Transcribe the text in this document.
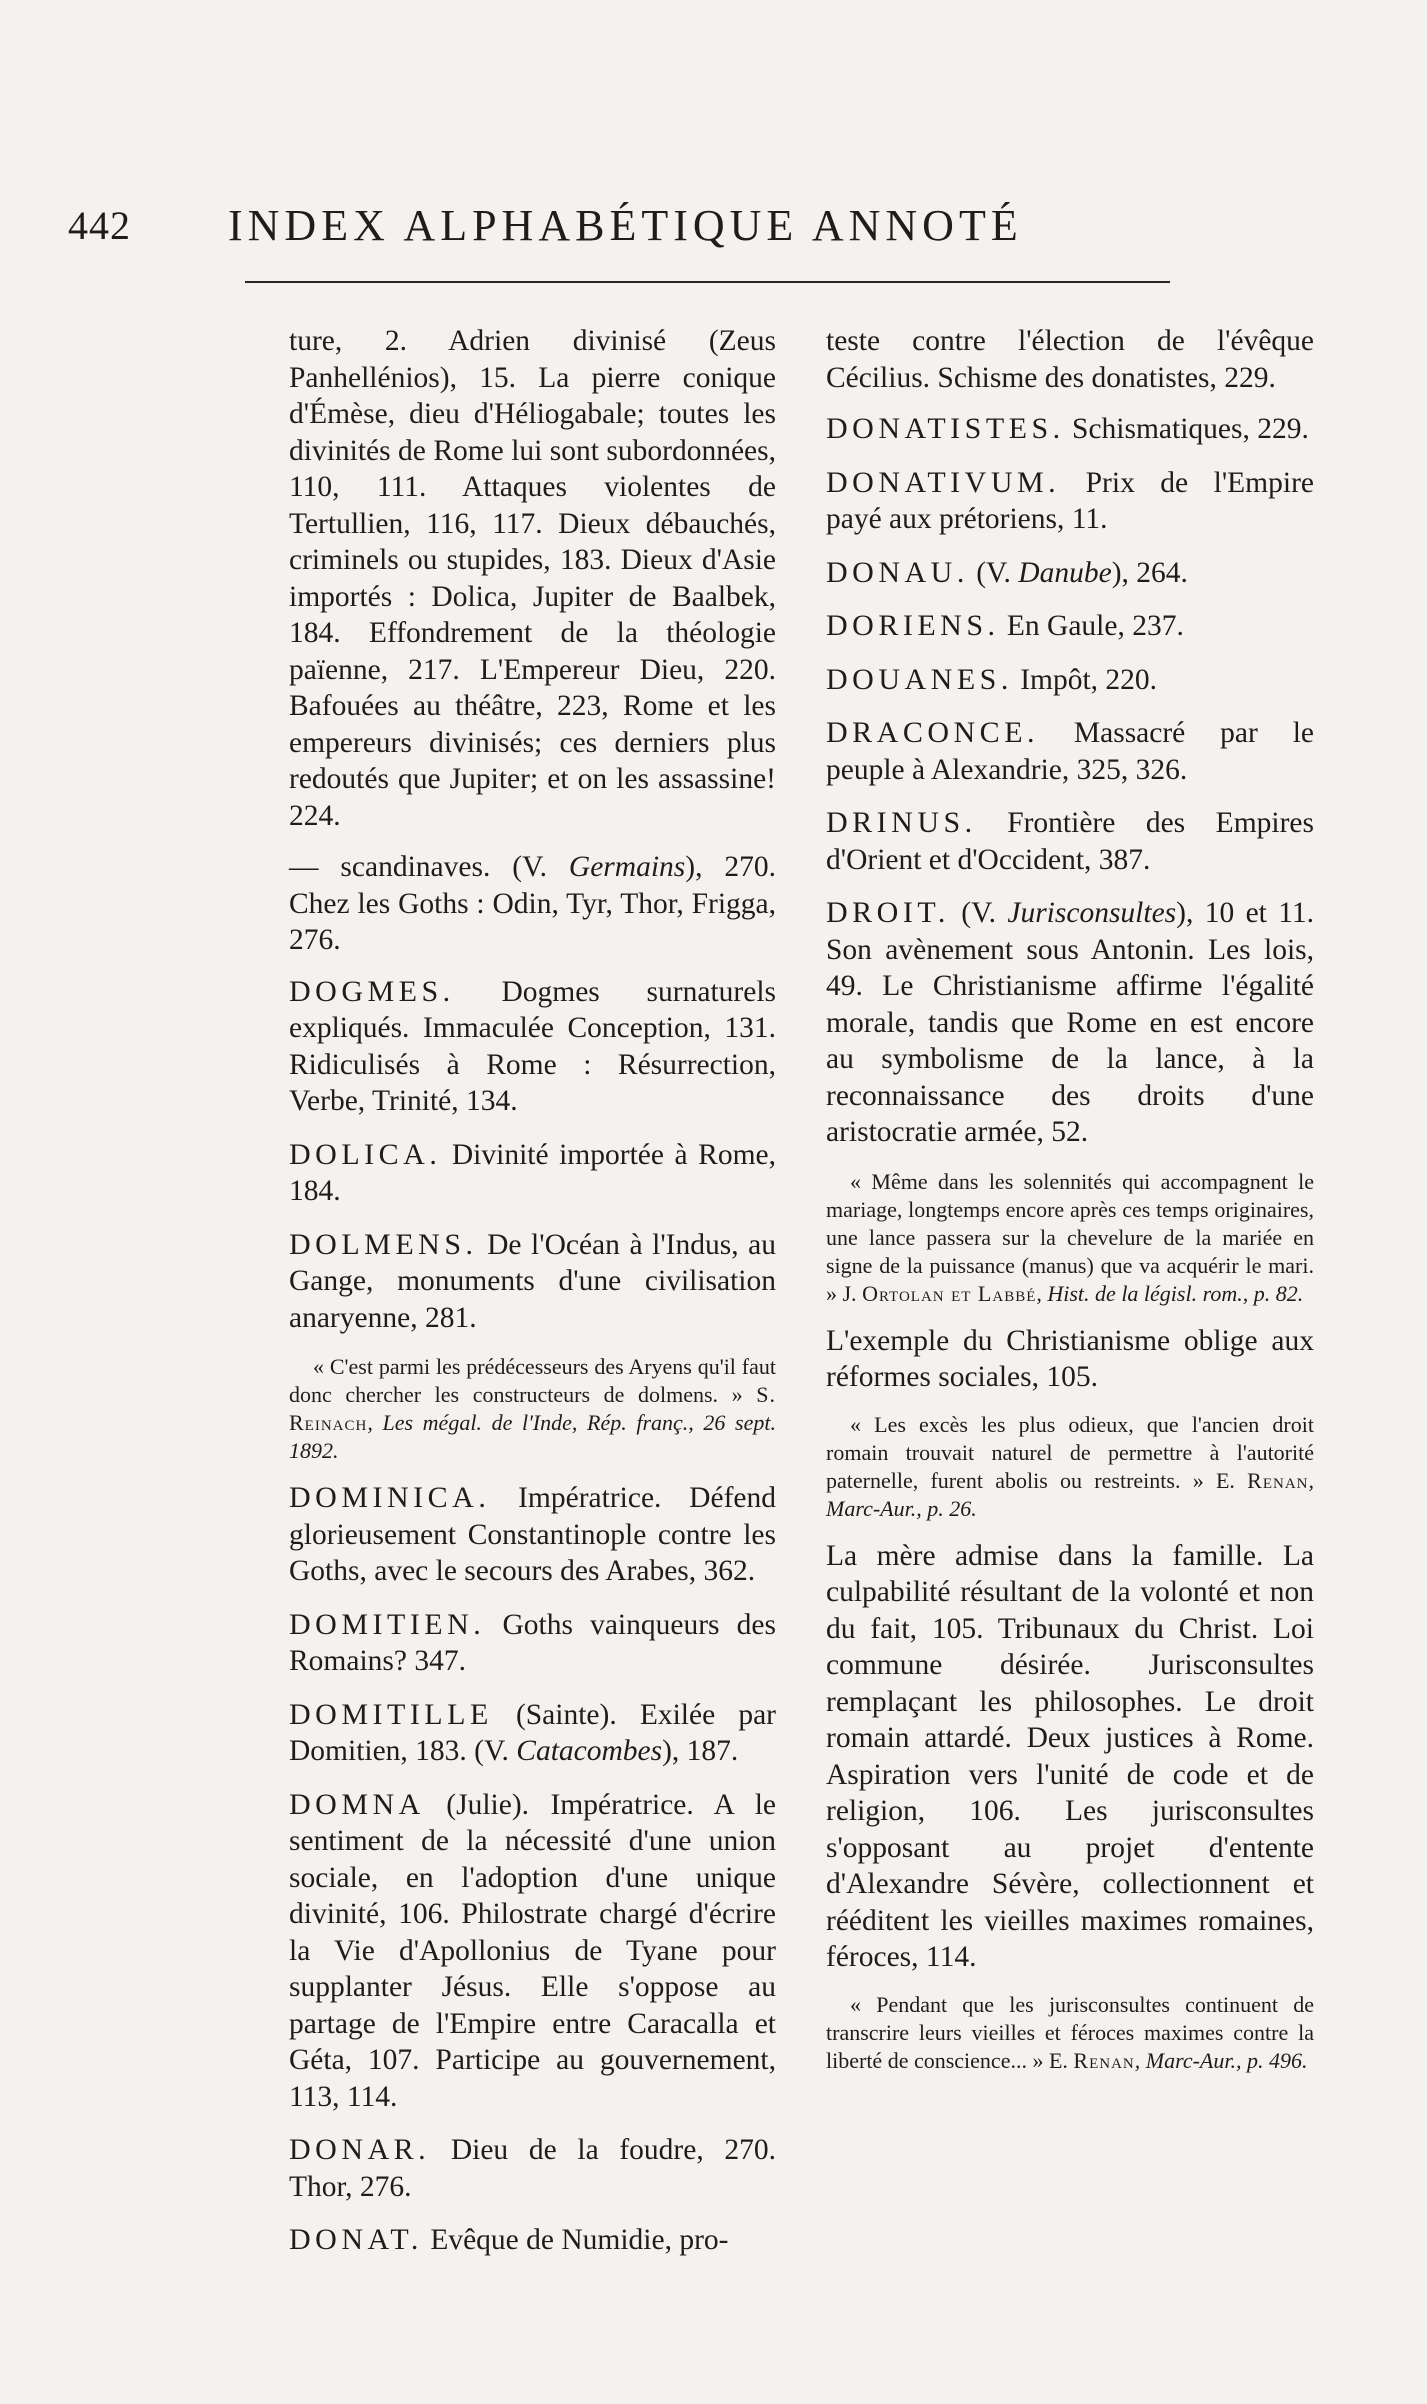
442 INDEX ALPHABÉTIQUE ANNOTÉ

ture, 2. Adrien divinisé (Zeus Panhellénios), 15. La pierre conique d'Émèse, dieu d'Héliogabale; toutes les divinités de Rome lui sont subordonnées, 110, 111. Attaques violentes de Tertullien, 116, 117. Dieux débauchés, criminels ou stupides, 183. Dieux d'Asie importés : Dolica, Jupiter de Baalbek, 184. Effondrement de la théologie païenne, 217. L'Empereur Dieu, 220. Bafouées au théâtre, 223, Rome et les empereurs divinisés; ces derniers plus redoutés que Jupiter; et on les assassine! 224.

— scandinaves. (V. Germains), 270. Chez les Goths : Odin, Tyr, Thor, Frigga, 276.

DOGMES. Dogmes surnaturels expliqués. Immaculée Conception, 131. Ridiculisés à Rome : Résurrection, Verbe, Trinité, 134.

DOLICA. Divinité importée à Rome, 184.

DOLMENS. De l'Océan à l'Indus, au Gange, monuments d'une civilisation anaryenne, 281.

« C'est parmi les prédécesseurs des Aryens qu'il faut donc chercher les constructeurs de dolmens. » S. Reinach, Les mégal. de l'Inde, Rép. franç., 26 sept. 1892.

DOMINICA. Impératrice. Défend glorieusement Constantinople contre les Goths, avec le secours des Arabes, 362.

DOMITIEN. Goths vainqueurs des Romains? 347.

DOMITILLE (Sainte). Exilée par Domitien, 183. (V. Catacombes), 187.

DOMNA (Julie). Impératrice. A le sentiment de la nécessité d'une union sociale, en l'adoption d'une unique divinité, 106. Philostrate chargé d'écrire la Vie d'Apollonius de Tyane pour supplanter Jésus. Elle s'oppose au partage de l'Empire entre Caracalla et Géta, 107. Participe au gouvernement, 113, 114.

DONAR. Dieu de la foudre, 270. Thor, 276.

DONAT. Evêque de Numidie, pro-

teste contre l'élection de l'évêque Cécilius. Schisme des donatistes, 229.

DONATISTES. Schismatiques, 229.

DONATIVUM. Prix de l'Empire payé aux prétoriens, 11.

DONAU. (V. Danube), 264.

DORIENS. En Gaule, 237.

DOUANES. Impôt, 220.

DRACONCE. Massacré par le peuple à Alexandrie, 325, 326.

DRINUS. Frontière des Empires d'Orient et d'Occident, 387.

DROIT. (V. Jurisconsultes), 10 et 11. Son avènement sous Antonin. Les lois, 49. Le Christianisme affirme l'égalité morale, tandis que Rome en est encore au symbolisme de la lance, à la reconnaissance des droits d'une aristocratie armée, 52.

« Même dans les solennités qui accompagnent le mariage, longtemps encore après ces temps originaires, une lance passera sur la chevelure de la mariée en signe de la puissance (manus) que va acquérir le mari. » J. Ortolan et Labbé, Hist. de la législ. rom., p. 82.

L'exemple du Christianisme oblige aux réformes sociales, 105.

« Les excès les plus odieux, que l'ancien droit romain trouvait naturel de permettre à l'autorité paternelle, furent abolis ou restreints. » E. Renan, Marc-Aur., p. 26.

La mère admise dans la famille. La culpabilité résultant de la volonté et non du fait, 105. Tribunaux du Christ. Loi commune désirée. Jurisconsultes remplaçant les philosophes. Le droit romain attardé. Deux justices à Rome. Aspiration vers l'unité de code et de religion, 106. Les jurisconsultes s'opposant au projet d'entente d'Alexandre Sévère, collectionnent et rééditent les vieilles maximes romaines, féroces, 114.

« Pendant que les jurisconsultes continuent de transcrire leurs vieilles et féroces maximes contre la liberté de conscience... » E. Renan, Marc-Aur., p. 496.
